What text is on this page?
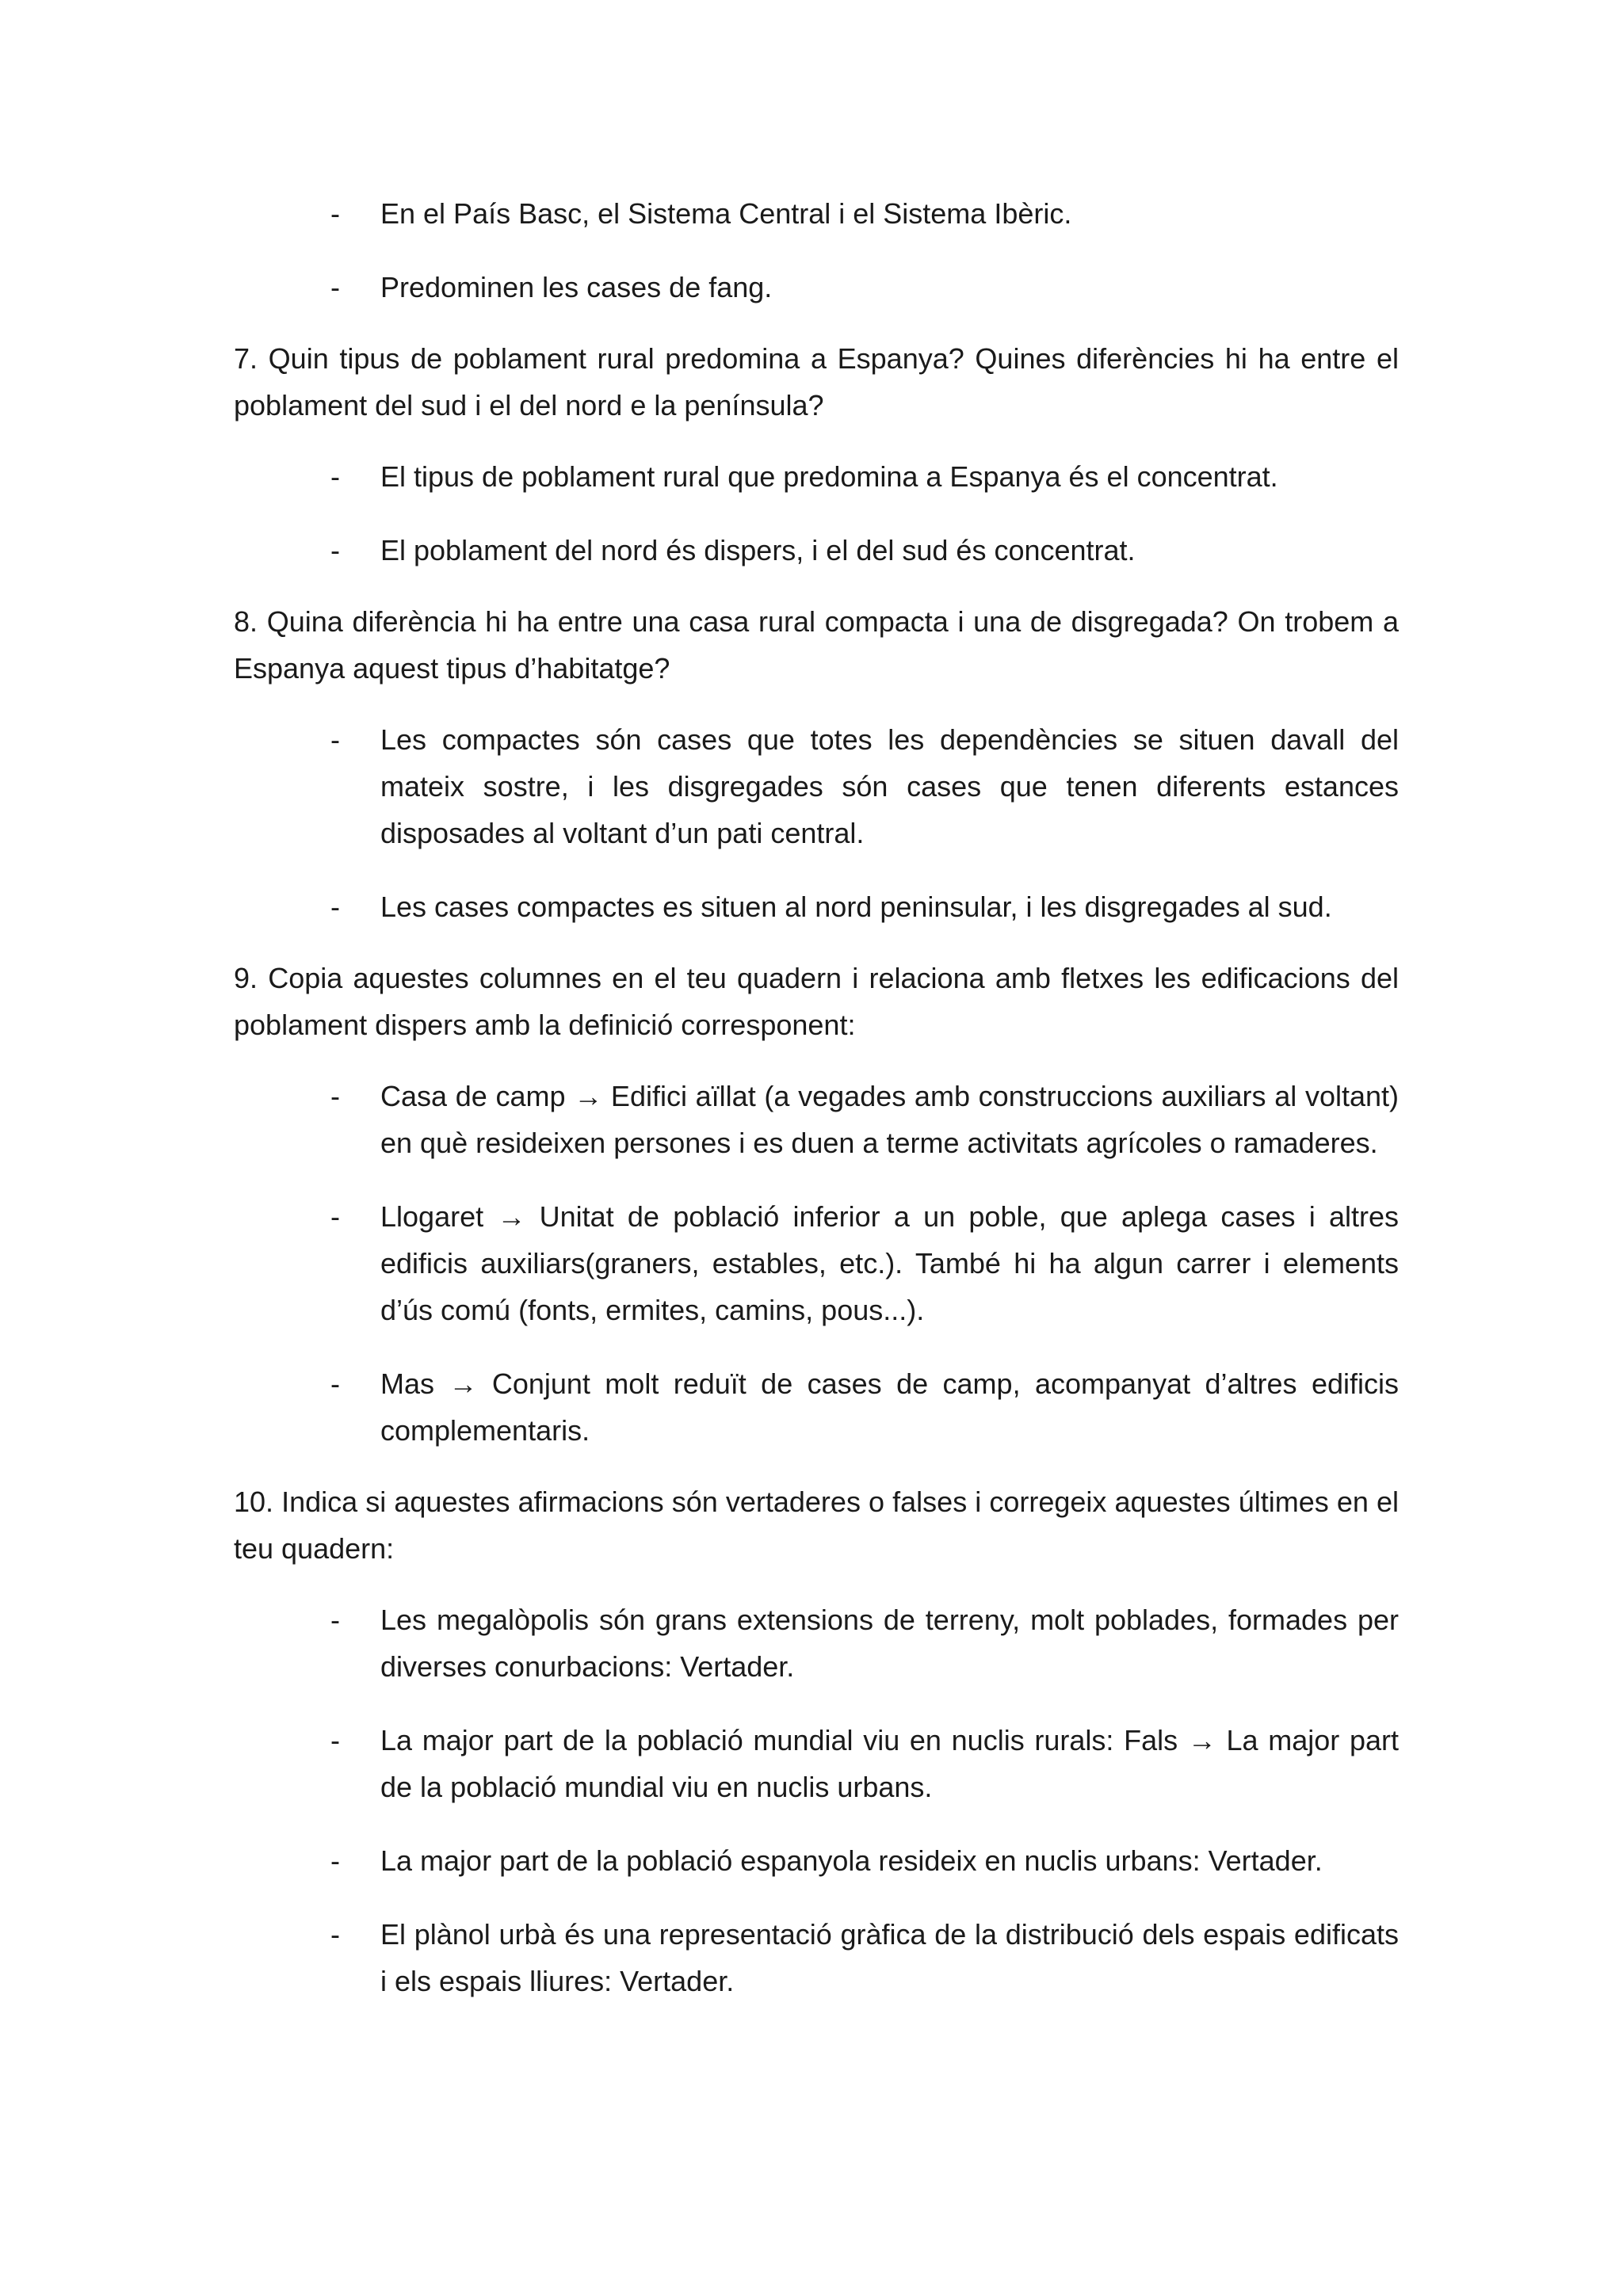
- En el País Basc, el Sistema Central i el Sistema Ibèric.
- Predominen les cases de fang.

7. Quin tipus de poblament rural predomina a Espanya? Quines diferències hi ha entre el poblament del sud i el del nord e la península?

- El tipus de poblament rural que predomina a Espanya és el concentrat.
- El poblament del nord és dispers, i el del sud és concentrat.

8. Quina diferència hi ha entre una casa rural compacta i una de disgregada? On trobem a Espanya aquest tipus d’habitatge?

- Les compactes són cases que totes les dependències se situen davall del mateix sostre, i les disgregades són cases que tenen diferents estances disposades al voltant d’un pati central.
- Les cases compactes es situen al nord peninsular, i les disgregades al sud.

9. Copia aquestes columnes en el teu quadern i relaciona amb fletxes les edificacions del poblament dispers amb la definició corresponent:

- Casa de camp → Edifici aïllat (a vegades amb construccions auxiliars al voltant) en què resideixen persones i es duen a terme activitats agrícoles o ramaderes.
- Llogaret → Unitat de població inferior a un poble, que aplega cases i altres edificis auxiliars(graners, estables, etc.). També hi ha algun carrer i elements d’ús comú (fonts, ermites, camins, pous...).
- Mas → Conjunt molt reduït de cases de camp, acompanyat d’altres edificis complementaris.

10. Indica si aquestes afirmacions són vertaderes o falses i corregeix aquestes últimes en el teu quadern:

- Les megalòpolis són grans extensions de terreny, molt poblades, formades per diverses conurbacions: Vertader.
- La major part de la població mundial viu en nuclis rurals: Fals → La major part de la població mundial viu en nuclis urbans.
- La major part de la població espanyola resideix en nuclis urbans: Vertader.
- El plànol urbà és una representació gràfica de la distribució dels espais edificats i els espais lliures: Vertader.
